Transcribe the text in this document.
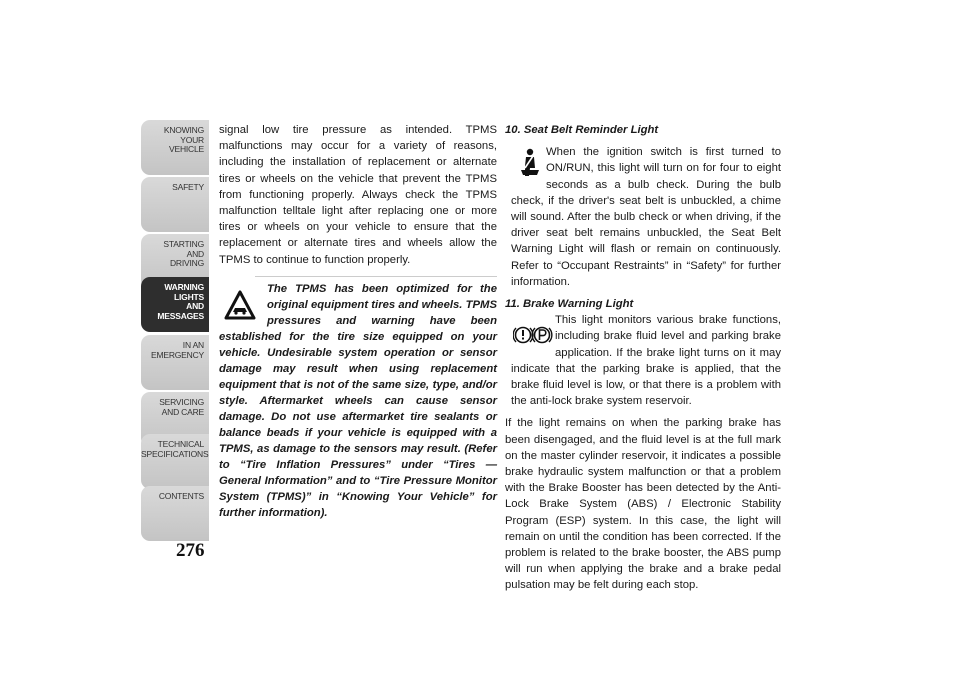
KNOWING
YOUR
VEHICLE
SAFETY
STARTING
AND
DRIVING
WARNING
LIGHTS
AND
MESSAGES
IN AN
EMERGENCY
SERVICING
AND CARE
TECHNICAL
SPECIFICATIONS
CONTENTS
276

signal low tire pressure as intended. TPMS malfunctions may occur for a variety of reasons, including the installation of replacement or alternate tires or wheels on the vehicle that prevent the TPMS from functioning properly. Always check the TPMS malfunction telltale light after replacing one or more tires or wheels on your vehicle to ensure that the replacement or alternate tires and wheels allow the TPMS to continue to function properly.

The TPMS has been optimized for the original equipment tires and wheels. TPMS pressures and warning have been established for the tire size equipped on your vehicle. Undesirable system operation or sensor damage may result when using replacement equipment that is not of the same size, type, and/or style. Aftermarket wheels can cause sensor damage. Do not use aftermarket tire sealants or balance beads if your vehicle is equipped with a TPMS, as damage to the sensors may result. (Refer to “Tire Inflation Pressures” under “Tires — General Information” and to “Tire Pressure Monitor System (TPMS)” in “Knowing Your Vehicle” for further information).

10. Seat Belt Reminder Light

When the ignition switch is first turned to ON/RUN, this light will turn on for four to eight seconds as a bulb check. During the bulb check, if the driver's seat belt is unbuckled, a chime will sound. After the bulb check or when driving, if the driver seat belt remains unbuckled, the Seat Belt Warning Light will flash or remain on continuously. Refer to “Occupant Restraints” in “Safety” for further information.

11. Brake Warning Light

This light monitors various brake functions, including brake fluid level and parking brake application. If the brake light turns on it may indicate that the parking brake is applied, that the brake fluid level is low, or that there is a problem with the anti-lock brake system reservoir.

If the light remains on when the parking brake has been disengaged, and the fluid level is at the full mark on the master cylinder reservoir, it indicates a possible brake hydraulic system malfunction or that a problem with the Brake Booster has been detected by the Anti-Lock Brake System (ABS) / Electronic Stability Program (ESP) system. In this case, the light will remain on until the condition has been corrected. If the problem is related to the brake booster, the ABS pump will run when applying the brake and a brake pedal pulsation may be felt during each stop.
